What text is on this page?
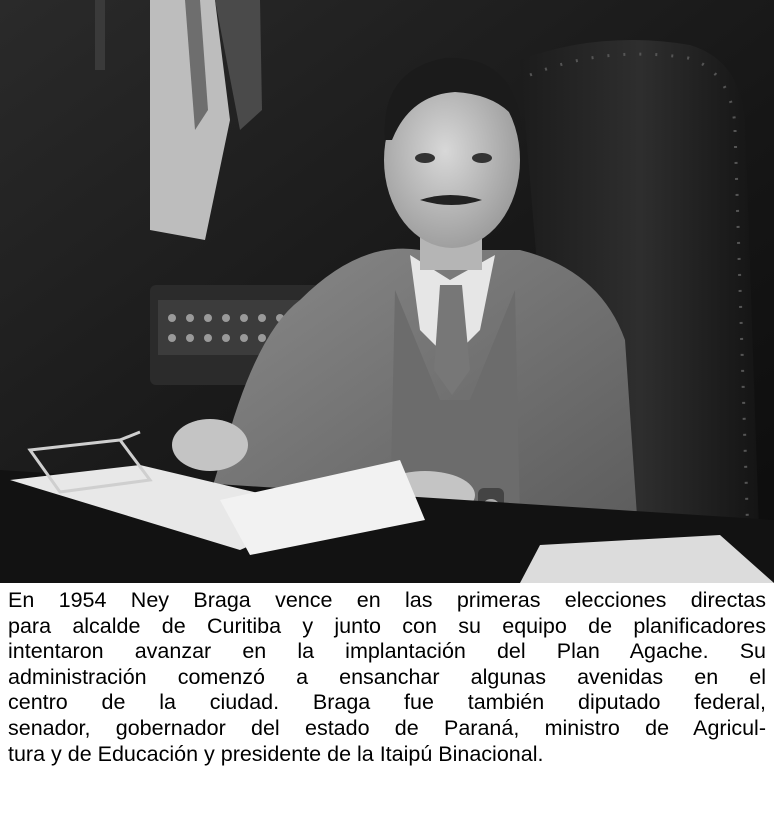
En 1954 Ney Braga vence en las primeras elecciones directas
para alcalde de Curitiba y junto con su equipo de planificadores
intentaron avanzar en la implantación del Plan Agache. Su
administración comenzó a ensanchar algunas avenidas en el
centro de la ciudad. Braga fue también diputado federal,
senador, gobernador del estado de Paraná, ministro de Agricul-
tura y de Educación y presidente de la Itaipú Binacional.
